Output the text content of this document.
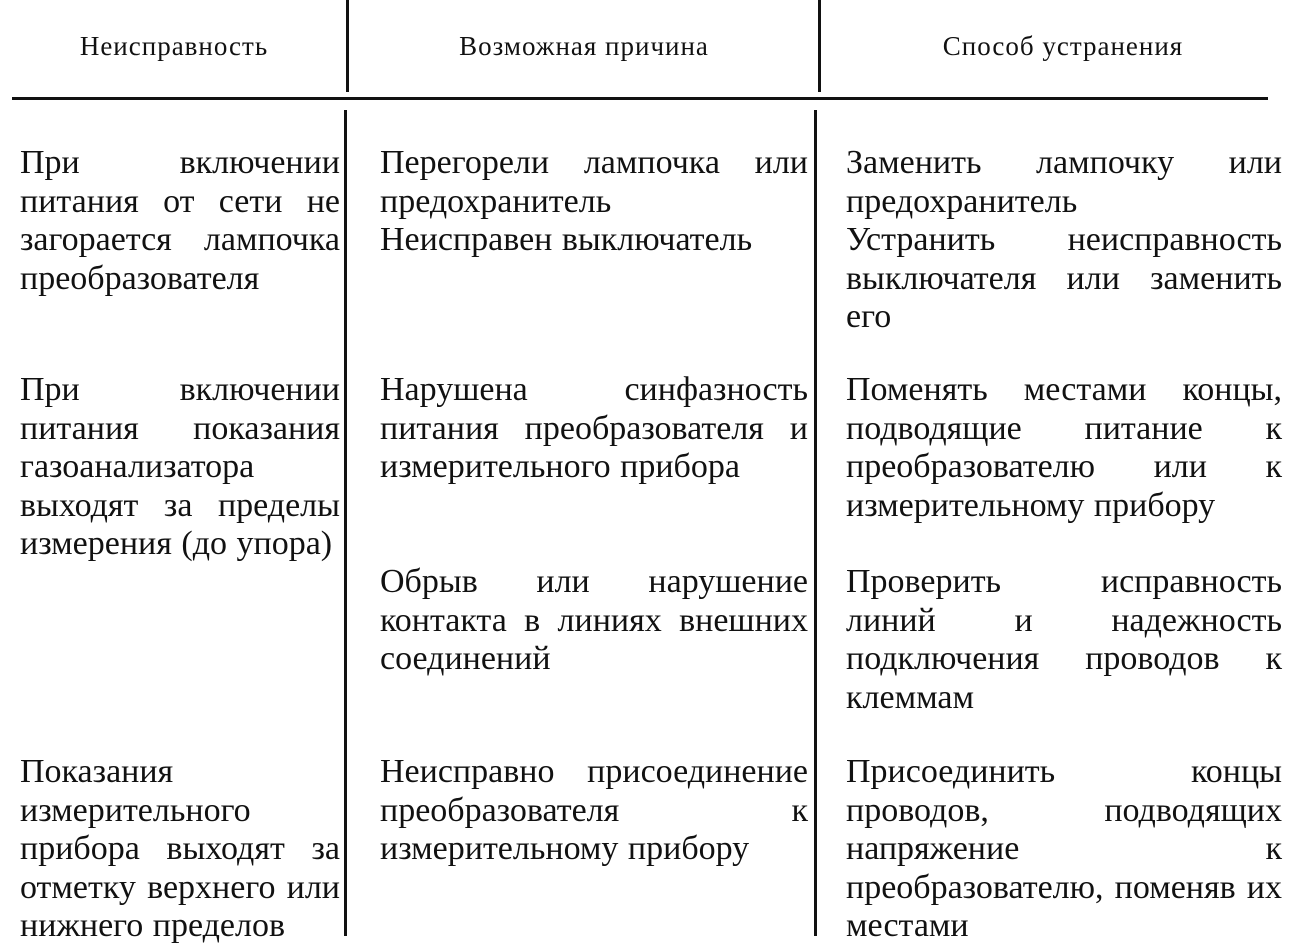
Неисправность	Возможная причина	Способ устранения
При включении питания от сети не загорается лампочка преобразователя
Перегорели лампочка или предохранитель
Неисправен выключатель
Заменить лампочку или предохранитель
Устранить неисправность выключателя или заменить его
При включении питания показания газоанализатора выходят за пределы измерения (до упора)
Нарушена синфазность питания преобразователя и измерительного прибора
Обрыв или нарушение контакта в линиях внешних соединений
Поменять местами концы, подводящие питание к преобразователю или к измерительному прибору
Проверить исправность линий и надежность подключения проводов к клеммам
Показания измерительного прибора выходят за отметку верхнего или нижнего пределов
Неисправно присоединение преобразователя к измерительному прибору
Присоединить концы проводов, подводящих напряжение к преобразователю, поменяв их местами
